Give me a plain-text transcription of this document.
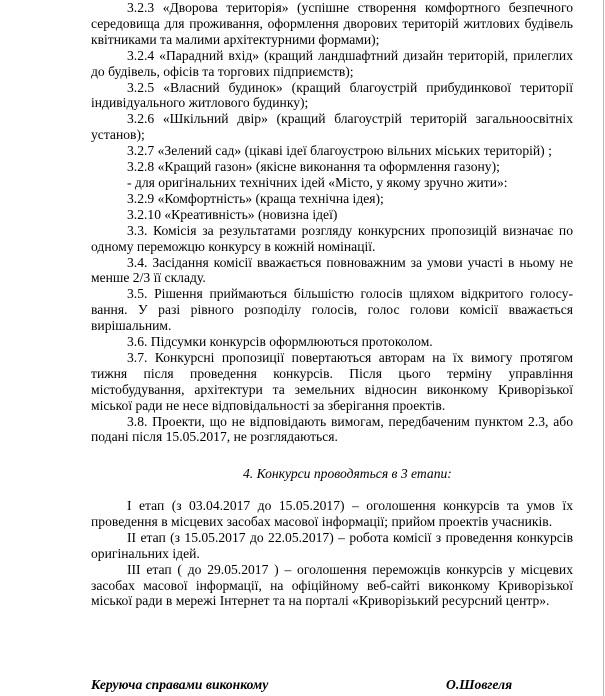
3.2.3 «Дворова територія» (успішне створення комфортного безпечного середовища для проживання, оформлення дворових територій житлових будівель квітниками та малими архітектурними формами);

3.2.4 «Парадний вхід» (кращий ландшафтний дизайн територій, прилеглих до будівель, офісів та торгових підприємств);

3.2.5 «Власний будинок» (кращий благоустрій прибудинкової території індивідуального житлового будинку);

3.2.6 «Шкільний двір» (кращий благоустрій територій загальноосвітніх установ);

3.2.7 «Зелений сад» (цікаві ідеї благоустрою вільних міських територій) ;

3.2.8 «Кращий газон» (якісне виконання та оформлення газону);

- для оригінальних технічних ідей «Місто, у якому зручно жити»:

3.2.9 «Комфортність» (краща технічна ідея);

3.2.10 «Креативність» (новизна ідеї)

3.3. Комісія за результатами розгляду конкурсних пропозицій визначає по одному переможцю конкурсу в кожній номінації.

3.4. Засідання комісії вважається повноважним за умови участі в ньому не менше 2/3 її складу.

3.5. Рішення приймаються більшістю голосів щляхом відкритого голосу-вання. У разі рівного розподілу голосів, голос голови комісії вважається вирішальним.

3.6. Підсумки конкурсів оформлюються протоколом.

3.7. Конкурсні пропозиції повертаються авторам на їх вимогу протягом тижня після проведення конкурсів. Після цього терміну управління містобудування, архітектури та земельних відносин виконкому Криворізької міської ради не несе відповідальності за зберігання проектів.

3.8. Проекти, що не відповідають вимогам, передбаченим пунктом 2.3, або подані після 15.05.2017, не розглядаються.

4. Конкурси проводяться в 3 етапи:

І етап (з 03.04.2017 до 15.05.2017) – оголошення конкурсів та умов їх проведення в місцевих засобах масової інформації; прийом проектів учасників.

ІІ етап (з 15.05.2017 до 22.05.2017) – робота комісії з проведення конкурсів оригінальних ідей.

ІІІ етап ( до 29.05.2017 ) – оголошення переможців конкурсів у місцевих засобах масової інформації, на офіційному веб-сайті виконкому Криворізької міської ради в мережі Інтернет та на порталі «Криворізький ресурсний центр».

Керуюча справами виконкому	О.Шовгеля
